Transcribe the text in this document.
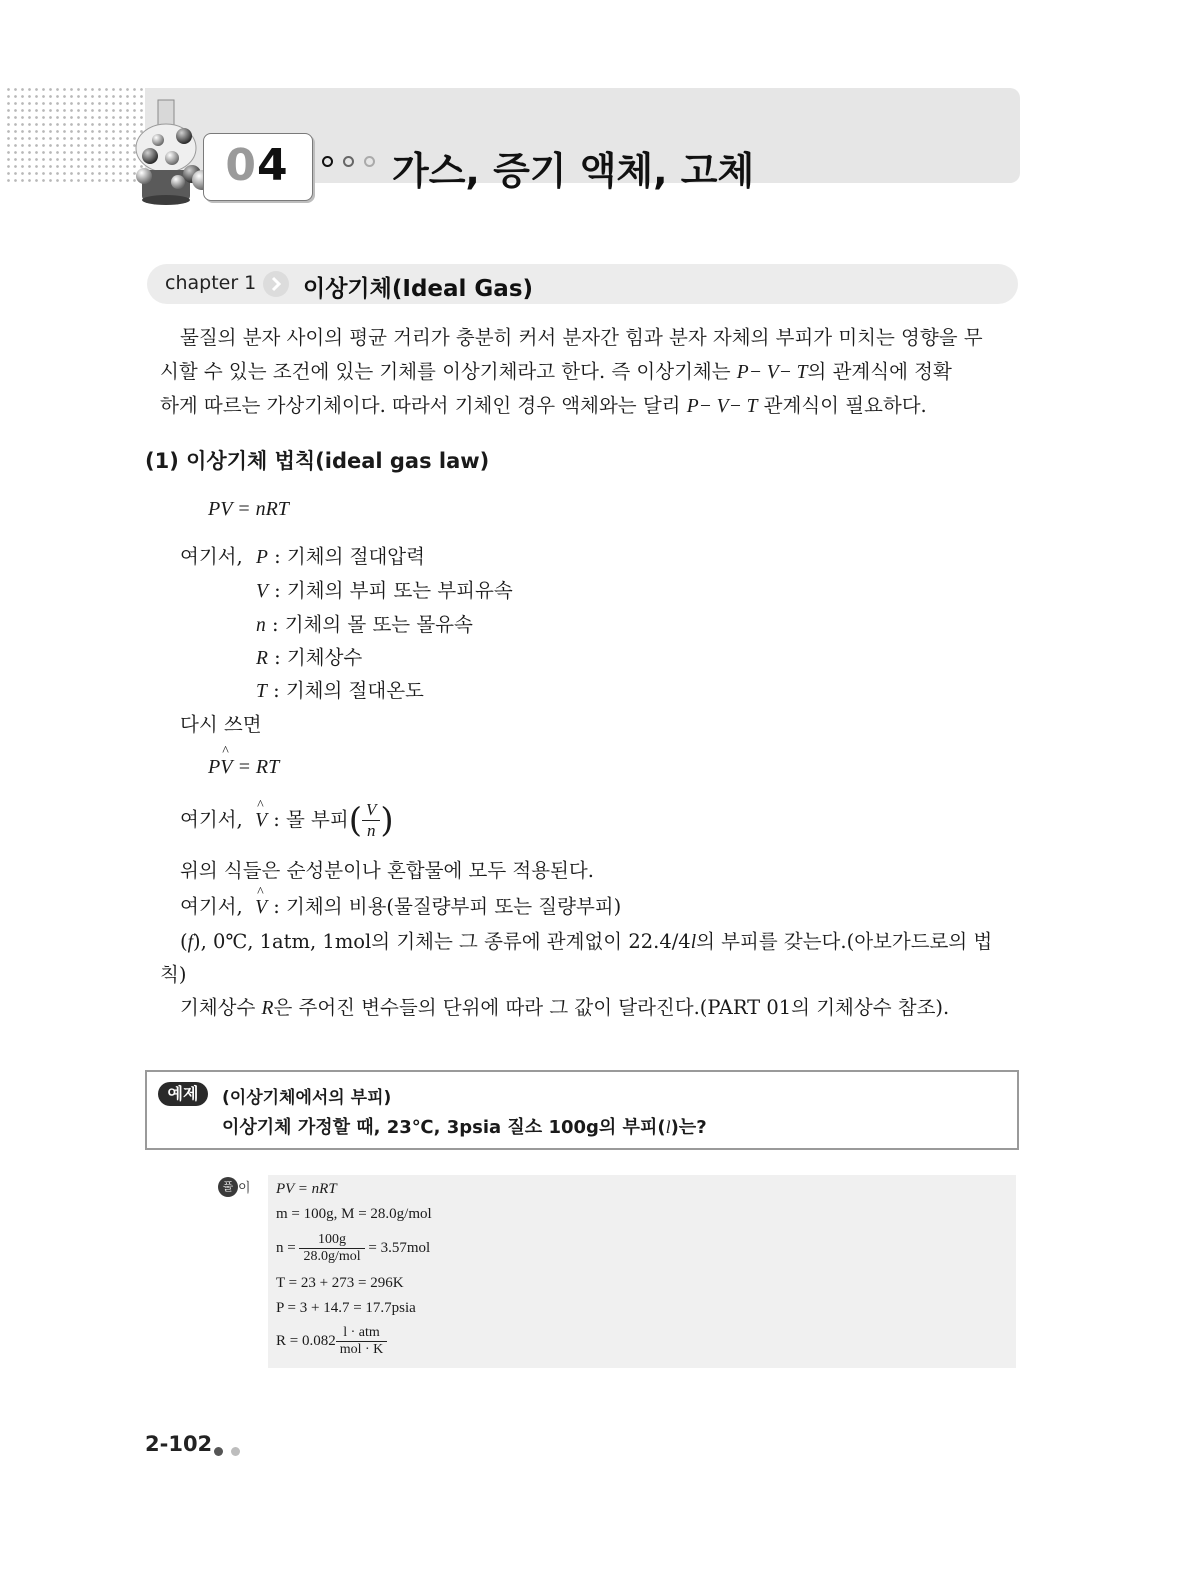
04
	가스, 증기 액체, 고체
chapter 1 이상기체(Ideal Gas)
물질의 분자 사이의 평균 거리가 충분히 커서 분자간 힘과 분자 자체의 부피가 미치는 영향을 무
시할 수 있는 조건에 있는 기체를 이상기체라고 한다. 즉 이상기체는 P− V− T의 관계식에 정확
하게 따르는 가상기체이다. 따라서 기체인 경우 액체와는 달리 P− V− T 관계식이 필요하다.
(1) 이상기체 법칙(ideal gas law)
PV = nRT
여기서, P : 기체의 절대압력
V : 기체의 부피 또는 부피유속
n : 기체의 몰 또는 몰유속
R : 기체상수
T : 기체의 절대온도
다시 쓰면
P^ V = RT
여기서, ^ V : 몰 부피( $\frac{V}{n}$ )
위의 식들은 순성분이나 혼합물에 모두 적용된다.
여기서, ^ V : 기체의 비용(물질량부피 또는 질량부피)
(f), 0℃, 1atm, 1mol의 기체는 그 종류에 관계없이 22.4/4l의 부피를 갖는다.(아보가드로의 법
칙)
기체상수 R은 주어진 변수들의 단위에 따라 그 값이 달라진다.(PART 01의 기체상수 참조).
예제	(이상기체에서의 부피)
이상기체 가정할 때, 23℃, 3psia 질소 100g의 부피(l)는?
풀 이 PV = nRT
m = 100g, M = 28.0g/mol
$n = \frac{100g}{\text{28.0g/mol}} = 3.57mol$
T = 23 + 273 = 296K
P = 3 + 14.7 = 17.7psia
$R = 0.082 \frac{\text{l · atm}}{\text{mol · K}}$
2-102
